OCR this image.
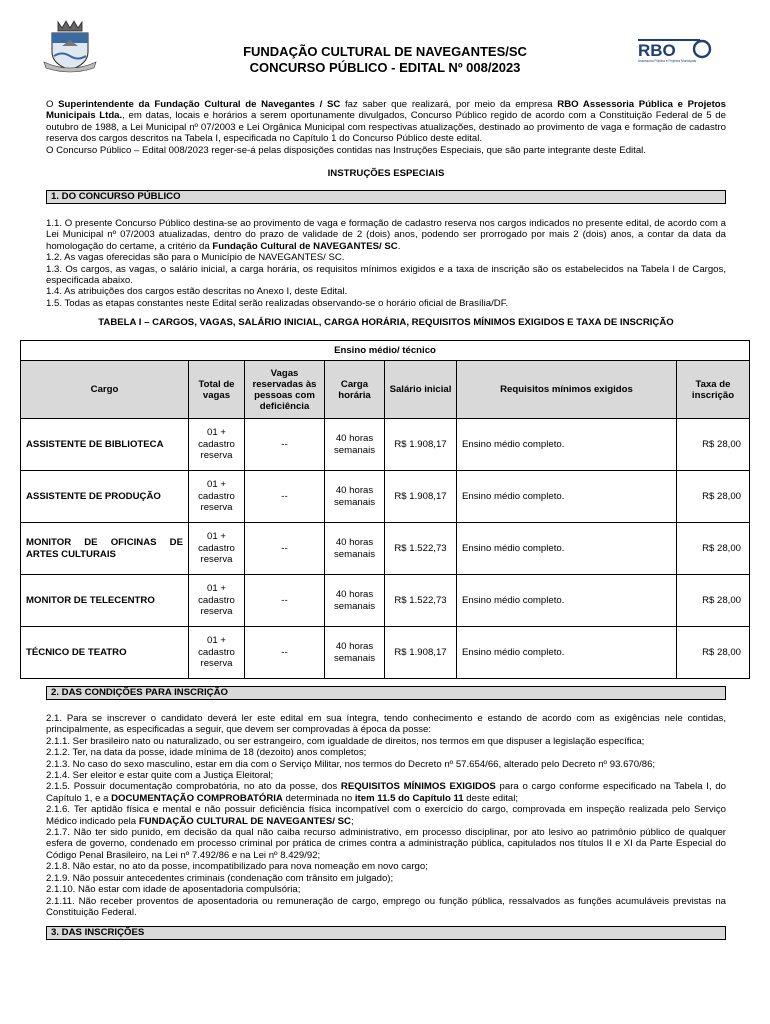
RBO
Assessoria Pública e Projetos Municipais
FUNDAÇÃO CULTURAL DE NAVEGANTES/SC
CONCURSO PÚBLICO - EDITAL Nº 008/2023

O Superintendente da Fundação Cultural de Navegantes / SC faz saber que realizará, por meio da empresa RBO Assessoria Pública e Projetos Municipais Ltda., em datas, locais e horários a serem oportunamente divulgados, Concurso Público regido de acordo com a Constituição Federal de 5 de outubro de 1988, a Lei Municipal nº 07/2003 e Lei Orgânica Municipal com respectivas atualizações, destinado ao provimento de vaga e formação de cadastro reserva dos cargos descritos na Tabela I, especificada no Capítulo 1 do Concurso Público deste edital.

O Concurso Público – Edital 008/2023 reger-se-á pelas disposições contidas nas Instruções Especiais, que são parte integrante deste Edital.

INSTRUÇÕES ESPECIAIS
1. DO CONCURSO PÚBLICO

1.1. O presente Concurso Público destina-se ao provimento de vaga e formação de cadastro reserva nos cargos indicados no presente edital, de acordo com a Lei Municipal nº 07/2003 atualizadas, dentro do prazo de validade de 2 (dois) anos, podendo ser prorrogado por mais 2 (dois) anos, a contar da data da homologação do certame, a critério da Fundação Cultural de NAVEGANTES/ SC.

1.2. As vagas oferecidas são para o Município de NAVEGANTES/ SC.

1.3. Os cargos, as vagas, o salário inicial, a carga horária, os requisitos mínimos exigidos e a taxa de inscrição são os estabelecidos na Tabela I de Cargos, especificada abaixo.

1.4. As atribuições dos cargos estão descritas no Anexo I, deste Edital.

1.5. Todas as etapas constantes neste Edital serão realizadas observando-se o horário oficial de Brasília/DF.

TABELA I – CARGOS, VAGAS, SALÁRIO INICIAL, CARGA HORÁRIA, REQUISITOS MÍNIMOS EXIGIDOS E TAXA DE INSCRIÇÃO
Ensino médio/ técnico						
Cargo	Total de vagas	Vagas reservadas às pessoas com deficiência	Carga horária	Salário inicial	Requisitos mínimos exigidos	Taxa de inscrição
ASSISTENTE DE BIBLIOTECA	01 + cadastro reserva	--	40 horas semanais	R$ 1.908,17	Ensino médio completo.	R$ 28,00
ASSISTENTE DE PRODUÇÃO	01 + cadastro reserva	--	40 horas semanais	R$ 1.908,17	Ensino médio completo.	R$ 28,00
MONITOR DE OFICINAS DE ARTES CULTURAIS	01 + cadastro reserva	--	40 horas semanais	R$ 1.522,73	Ensino médio completo.	R$ 28,00
MONITOR DE TELECENTRO	01 + cadastro reserva	--	40 horas semanais	R$ 1.522,73	Ensino médio completo.	R$ 28,00
TÉCNICO DE TEATRO	01 + cadastro reserva	--	40 horas semanais	R$ 1.908,17	Ensino médio completo.	R$ 28,00
2. DAS CONDIÇÕES PARA INSCRIÇÃO

2.1. Para se inscrever o candidato deverá ler este edital em sua íntegra, tendo conhecimento e estando de acordo com as exigências nele contidas, principalmente, as especificadas a seguir, que devem ser comprovadas à época da posse:

2.1.1. Ser brasileiro nato ou naturalizado, ou ser estrangeiro, com igualdade de direitos, nos termos em que dispuser a legislação específica;

2.1.2. Ter, na data da posse, idade mínima de 18 (dezoito) anos completos;

2.1.3. No caso do sexo masculino, estar em dia com o Serviço Militar, nos termos do Decreto nº 57.654/66, alterado pelo Decreto nº 93.670/86;

2.1.4. Ser eleitor e estar quite com a Justiça Eleitoral;

2.1.5. Possuir documentação comprobatória, no ato da posse, dos REQUISITOS MÍNIMOS EXIGIDOS para o cargo conforme especificado na Tabela I, do Capítulo 1, e a DOCUMENTAÇÃO COMPROBATÓRIA determinada no item 11.5 do Capítulo 11 deste edital;

2.1.6. Ter aptidão física e mental e não possuir deficiência física incompatível com o exercício do cargo, comprovada em inspeção realizada pelo Serviço Médico indicado pela FUNDAÇÃO CULTURAL DE NAVEGANTES/ SC;

2.1.7. Não ter sido punido, em decisão da qual não caiba recurso administrativo, em processo disciplinar, por ato lesivo ao patrimônio público de qualquer esfera de governo, condenado em processo criminal por prática de crimes contra a administração pública, capitulados nos títulos II e XI da Parte Especial do Código Penal Brasileiro, na Lei nº 7.492/86 e na Lei nº 8.429/92;

2.1.8. Não estar, no ato da posse, incompatibilizado para nova nomeação em novo cargo;

2.1.9. Não possuir antecedentes criminais (condenação com trânsito em julgado);

2.1.10. Não estar com idade de aposentadoria compulsória;

2.1.11. Não receber proventos de aposentadoria ou remuneração de cargo, emprego ou função pública, ressalvados as funções acumuláveis previstas na Constituição Federal.

3. DAS INSCRIÇÕES
